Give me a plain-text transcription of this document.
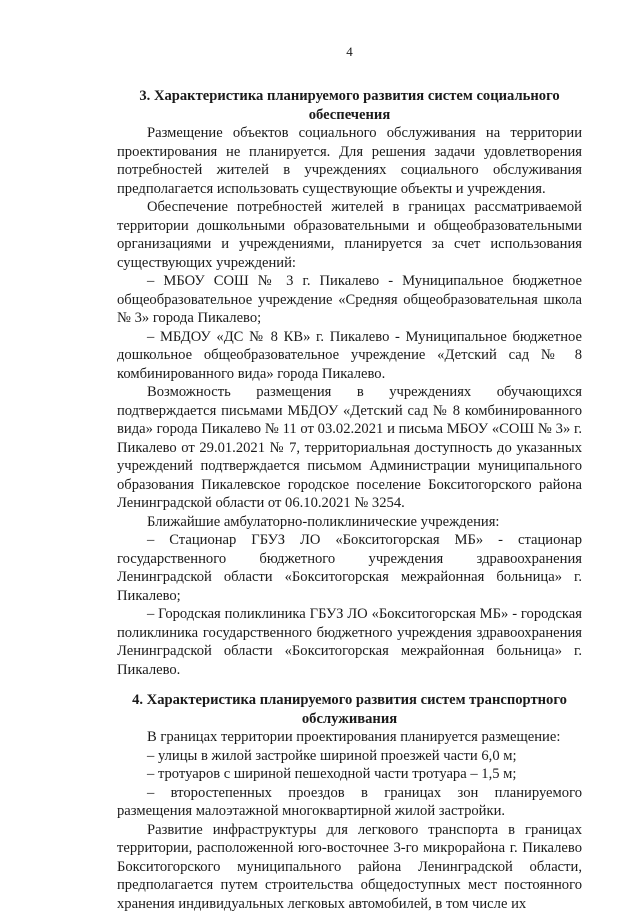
4
3. Характеристика планируемого развития систем социального
обеспечения

Размещение объектов социального обслуживания на территории проектирования не планируется. Для решения задачи удовлетворения потребностей жителей в учреждениях социального обслуживания предполагается использовать существующие объекты и учреждения.

Обеспечение потребностей жителей в границах рассматриваемой территории дошкольными образовательными и общеобразовательными организациями и учреждениями, планируется за счет использования существующих учреждений:

– МБОУ СОШ № 3 г. Пикалево - Муниципальное бюджетное общеобразовательное учреждение «Средняя общеобразовательная школа № 3» города Пикалево;

– МБДОУ «ДС № 8 КВ» г. Пикалево - Муниципальное бюджетное дошкольное общеобразовательное учреждение «Детский сад № 8 комбинированного вида» города Пикалево.

Возможность размещения в учреждениях обучающихся подтверждается письмами МБДОУ «Детский сад № 8 комбинированного вида» города Пикалево № 11 от 03.02.2021 и письма МБОУ «СОШ № 3» г. Пикалево от 29.01.2021 № 7, территориальная доступность до указанных учреждений подтверждается письмом Администрации муниципального образования Пикалевское городское поселение Бокситогорского района Ленинградской области от 06.10.2021 № 3254.

Ближайшие амбулаторно-поликлинические учреждения:

– Стационар ГБУЗ ЛО «Бокситогорская МБ» - стационар государственного бюджетного учреждения здравоохранения Ленинградской области «Бокситогорская межрайонная больница» г. Пикалево;

– Городская поликлиника ГБУЗ ЛО «Бокситогорская МБ» - городская поликлиника государственного бюджетного учреждения здравоохранения Ленинградской области «Бокситогорская межрайонная больница» г. Пикалево.

4. Характеристика планируемого развития систем транспортного
обслуживания

В границах территории проектирования планируется размещение:

– улицы в жилой застройке шириной проезжей части 6,0 м;

– тротуаров с шириной пешеходной части тротуара – 1,5 м;

– второстепенных проездов в границах зон планируемого размещения малоэтажной многоквартирной жилой застройки.

Развитие инфраструктуры для легкового транспорта в границах территории, расположенной юго-восточнее 3-го микрорайона г. Пикалево Бокситогорского муниципального района Ленинградской области, предполагается путем строительства общедоступных мест постоянного хранения индивидуальных легковых автомобилей, в том числе их
